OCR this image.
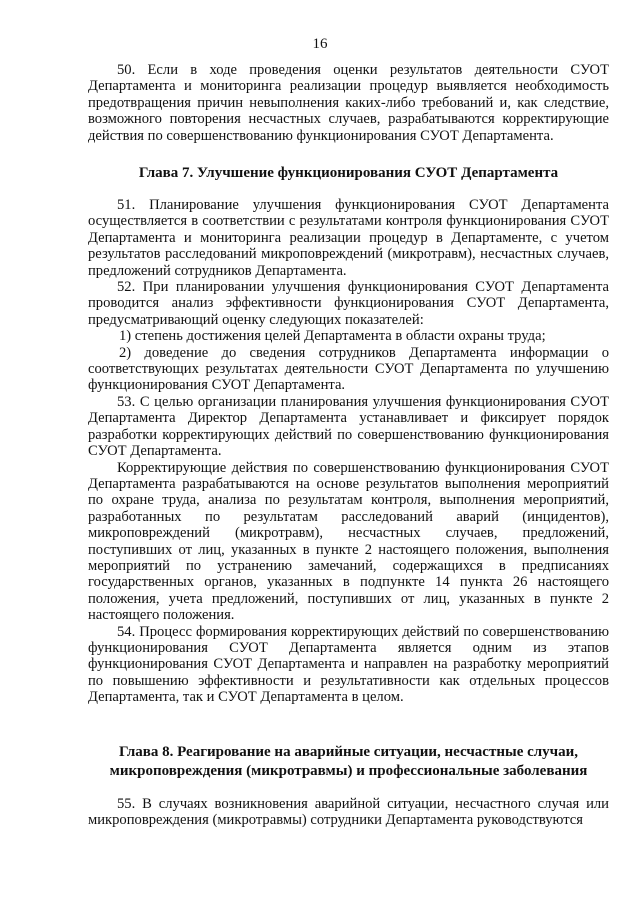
16

50. Если в ходе проведения оценки результатов деятельности СУОТ Департамента и мониторинга реализации процедур выявляется необходимость предотвращения причин невыполнения каких-либо требований и, как следствие, возможного повторения несчастных случаев, разрабатываются корректирующие действия по совершенствованию функционирования СУОТ Департамента.

Глава 7. Улучшение функционирования СУОТ Департамента

51. Планирование улучшения функционирования СУОТ Департамента осуществляется в соответствии с результатами контроля функционирования СУОТ Департамента и мониторинга реализации процедур в Департаменте, с учетом результатов расследований микроповреждений (микротравм), несчастных случаев, предложений сотрудников Департамента.

52. При планировании улучшения функционирования СУОТ Департамента проводится анализ эффективности функционирования СУОТ Департамента, предусматривающий оценку следующих показателей:

1) степень достижения целей Департамента в области охраны труда;

2) доведение до сведения сотрудников Департамента информации о соответствующих результатах деятельности СУОТ Департамента по улучшению функционирования СУОТ Департамента.

53. С целью организации планирования улучшения функционирования СУОТ Департамента Директор Департамента устанавливает и фиксирует порядок разработки корректирующих действий по совершенствованию функционирования СУОТ Департамента.

Корректирующие действия по совершенствованию функционирования СУОТ Департамента разрабатываются на основе результатов выполнения мероприятий по охране труда, анализа по результатам контроля, выполнения мероприятий, разработанных по результатам расследований аварий (инцидентов), микроповреждений (микротравм), несчастных случаев, предложений, поступивших от лиц, указанных в пункте 2 настоящего положения, выполнения мероприятий по устранению замечаний, содержащихся в предписаниях государственных органов, указанных в подпункте 14 пункта 26 настоящего положения, учета предложений, поступивших от лиц, указанных в пункте 2 настоящего положения.

54. Процесс формирования корректирующих действий по совершенствованию функционирования СУОТ Департамента является одним из этапов функционирования СУОТ Департамента и направлен на разработку мероприятий по повышению эффективности и результативности как отдельных процессов Департамента, так и СУОТ Департамента в целом.

Глава 8. Реагирование на аварийные ситуации, несчастные случаи, микроповреждения (микротравмы) и профессиональные заболевания

55. В случаях возникновения аварийной ситуации, несчастного случая или микроповреждения (микротравмы) сотрудники Департамента руководствуются
